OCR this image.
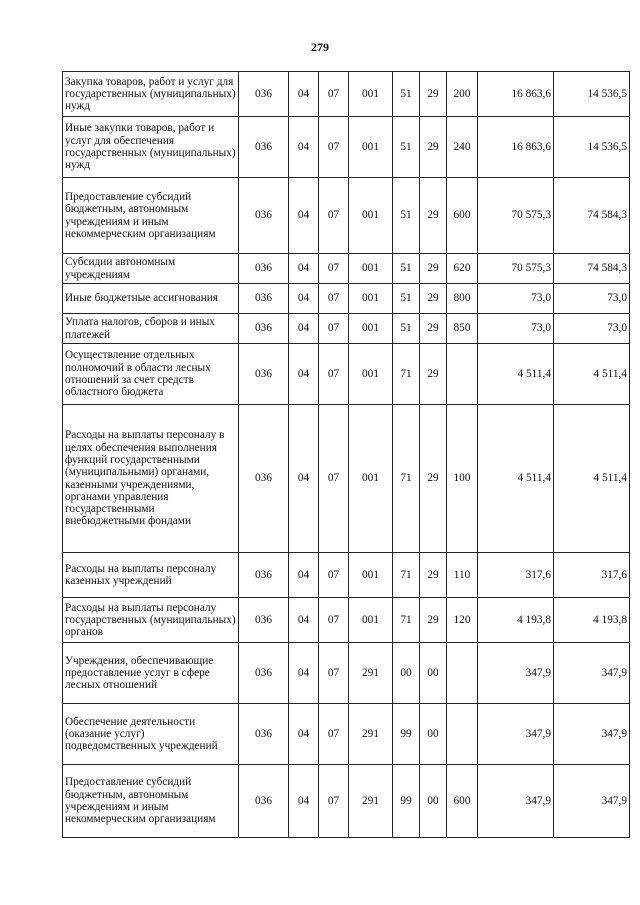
279
Закупка товаров, работ и услуг для государственных (муниципальных) нужд	036	04	07	001	51	29	200	16 863,6	14 536,5
Иные закупки товаров, работ и услуг для обеспечения государственных (муниципальных) нужд	036	04	07	001	51	29	240	16 863,6	14 536,5
Предоставление субсидий бюджетным, автономным учреждениям и иным некоммерческим организациям	036	04	07	001	51	29	600	70 575,3	74 584,3
Субсидии автономным учреждениям	036	04	07	001	51	29	620	70 575,3	74 584,3
Иные бюджетные ассигнования	036	04	07	001	51	29	800	73,0	73,0
Уплата налогов, сборов и иных платежей	036	04	07	001	51	29	850	73,0	73,0
Осуществление отдельных полномочий в области лесных отношений за счет средств областного бюджета	036	04	07	001	71	29		4 511,4	4 511,4
Расходы на выплаты персоналу в целях обеспечения выполнения функций государственными (муниципальными) органами, казенными учреждениями, органами управления государственными внебюджетными фондами	036	04	07	001	71	29	100	4 511,4	4 511,4
Расходы на выплаты персоналу казенных учреждений	036	04	07	001	71	29	110	317,6	317,6
Расходы на выплаты персоналу государственных (муниципальных) органов	036	04	07	001	71	29	120	4 193,8	4 193,8
Учреждения, обеспечивающие предоставление услуг в сфере лесных отношений	036	04	07	291	00	00		347,9	347,9
Обеспечение деятельности (оказание услуг) подведомственных учреждений	036	04	07	291	99	00		347,9	347,9
Предоставление субсидий бюджетным, автономным учреждениям и иным некоммерческим организациям	036	04	07	291	99	00	600	347,9	347,9
